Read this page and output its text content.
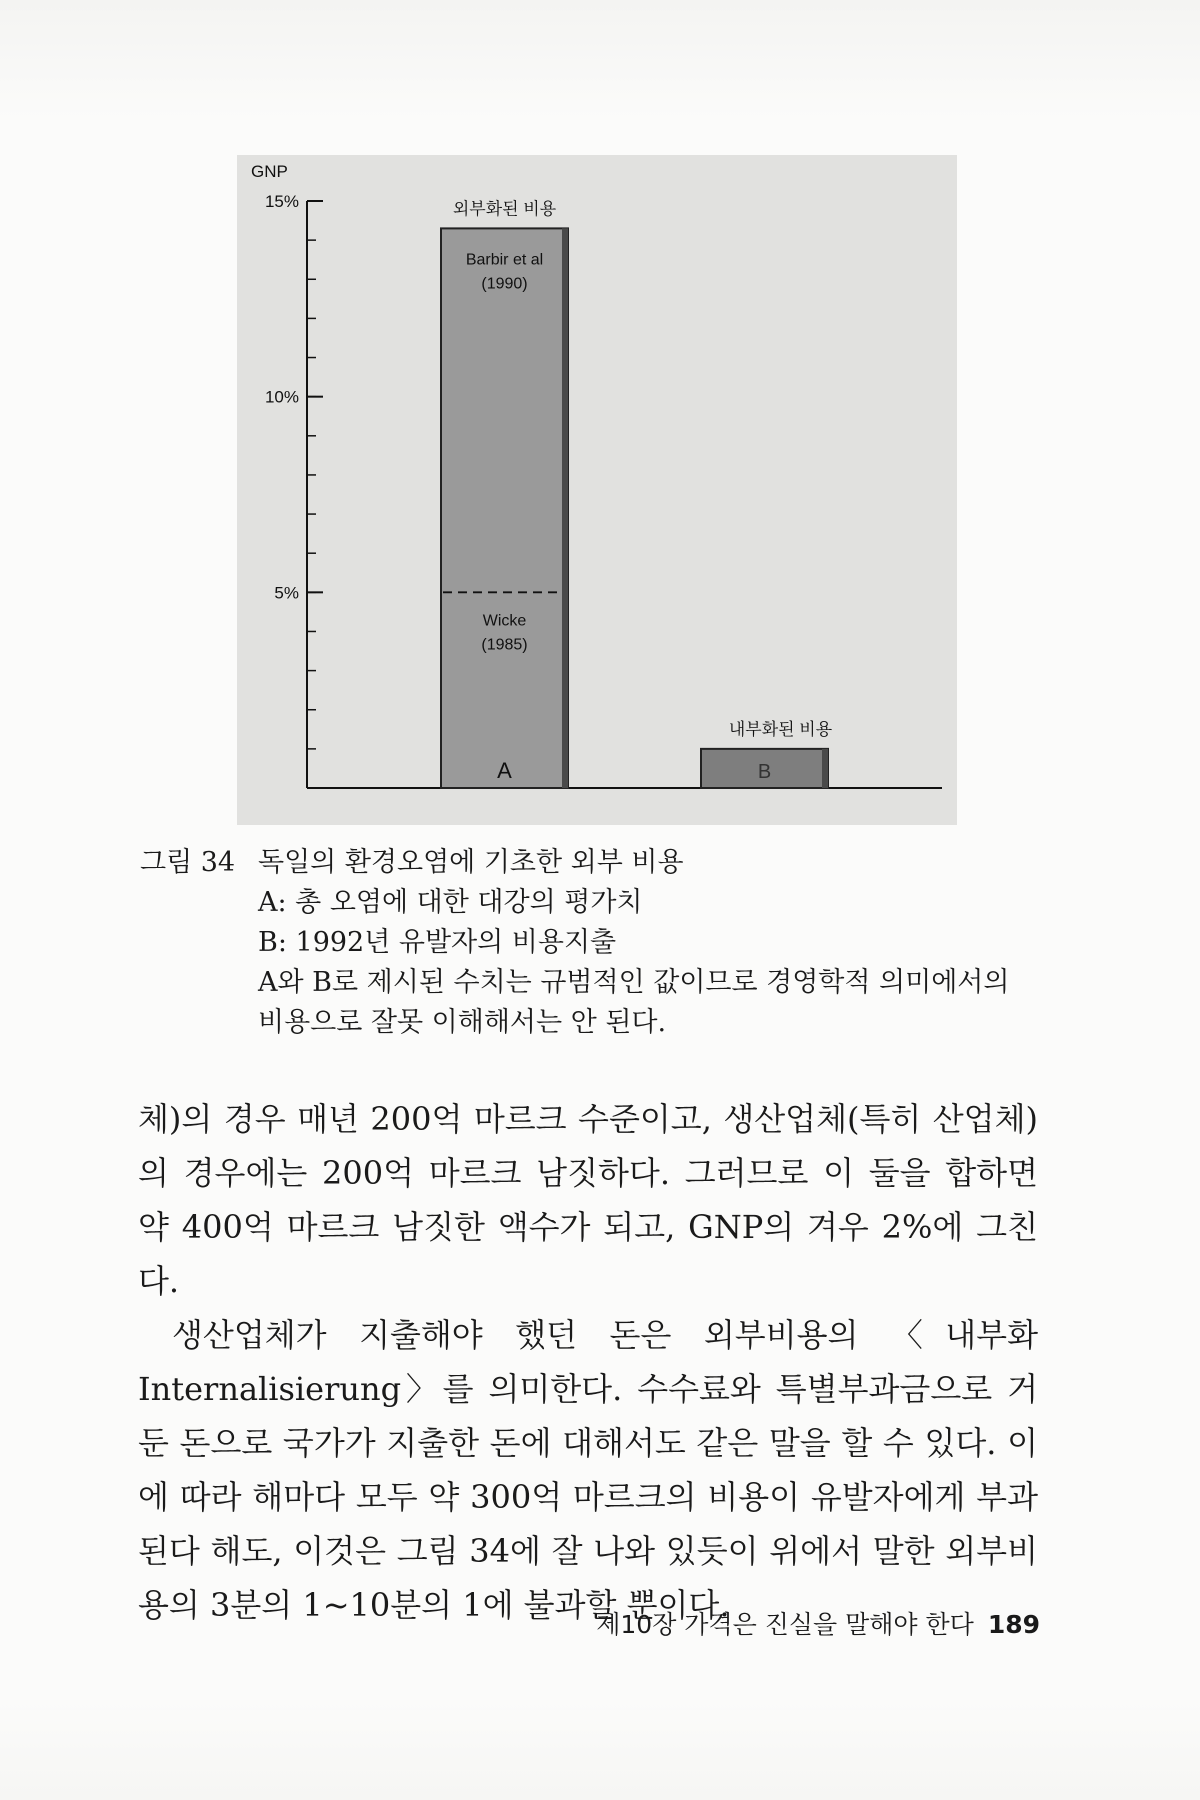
15%
10%
5%
GNP
외부화된 비용
A
Barbir et al
(1990)
Wicke
(1985)
내부화된 비용
B
그림 34 독일의 환경오염에 기초한 외부 비용
A: 총 오염에 대한 대강의 평가치
B: 1992년 유발자의 비용지출
A와 B로 제시된 수치는 규범적인 값이므로 경영학적 의미에서의 비용으로 잘못 이해해서는 안 된다.

체)의 경우 매년 200억 마르크 수준이고, 생산업체(특히 산업체)의 경우에는 200억 마르크 남짓하다. 그러므로 이 둘을 합하면 약 400억 마르크 남짓한 액수가 되고, GNP의 겨우 2%에 그친다.

생산업체가 지출해야 했던 돈은 외부비용의 〈내부화 Internalisierung〉를 의미한다. 수수료와 특별부과금으로 거둔 돈으로 국가가 지출한 돈에 대해서도 같은 말을 할 수 있다. 이에 따라 해마다 모두 약 300억 마르크의 비용이 유발자에게 부과된다 해도, 이것은 그림 34에 잘 나와 있듯이 위에서 말한 외부비용의 3분의 1~10분의 1에 불과할 뿐이다.

제10장 가격은 진실을 말해야 한다 189
